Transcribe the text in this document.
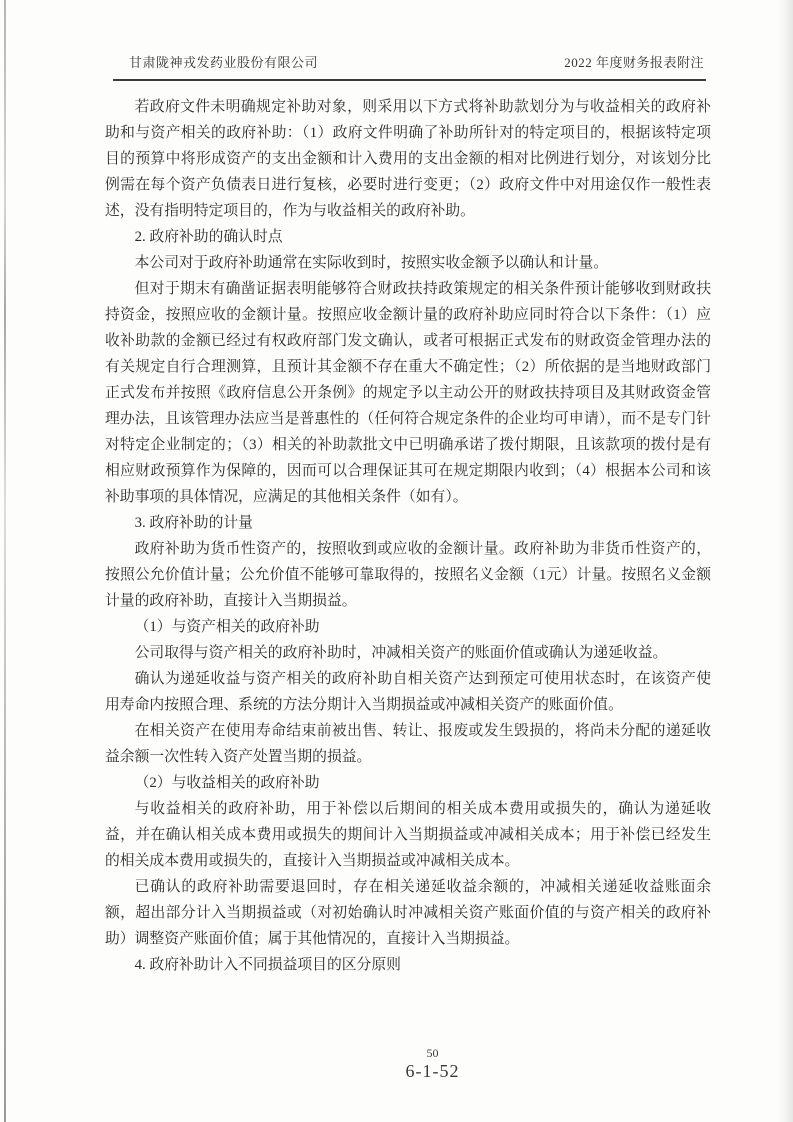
甘肃陇神戎发药业股份有限公司	2022 年度财务报表附注

若政府文件未明确规定补助对象，则采用以下方式将补助款划分为与收益相关的政府补助和与资产相关的政府补助：（1）政府文件明确了补助所针对的特定项目的，根据该特定项目的预算中将形成资产的支出金额和计入费用的支出金额的相对比例进行划分，对该划分比例需在每个资产负债表日进行复核，必要时进行变更；（2）政府文件中对用途仅作一般性表述，没有指明特定项目的，作为与收益相关的政府补助。

2. 政府补助的确认时点

本公司对于政府补助通常在实际收到时，按照实收金额予以确认和计量。

但对于期末有确凿证据表明能够符合财政扶持政策规定的相关条件预计能够收到财政扶持资金，按照应收的金额计量。按照应收金额计量的政府补助应同时符合以下条件：（1）应收补助款的金额已经过有权政府部门发文确认，或者可根据正式发布的财政资金管理办法的有关规定自行合理测算，且预计其金额不存在重大不确定性；（2）所依据的是当地财政部门正式发布并按照《政府信息公开条例》的规定予以主动公开的财政扶持项目及其财政资金管理办法，且该管理办法应当是普惠性的（任何符合规定条件的企业均可申请），而不是专门针对特定企业制定的；（3）相关的补助款批文中已明确承诺了拨付期限，且该款项的拨付是有相应财政预算作为保障的，因而可以合理保证其可在规定期限内收到；（4）根据本公司和该补助事项的具体情况，应满足的其他相关条件（如有）。

3. 政府补助的计量

政府补助为货币性资产的，按照收到或应收的金额计量。政府补助为非货币性资产的，按照公允价值计量；公允价值不能够可靠取得的，按照名义金额（1元）计量。按照名义金额计量的政府补助，直接计入当期损益。

（1）与资产相关的政府补助

公司取得与资产相关的政府补助时，冲减相关资产的账面价值或确认为递延收益。

确认为递延收益与资产相关的政府补助自相关资产达到预定可使用状态时，在该资产使用寿命内按照合理、系统的方法分期计入当期损益或冲减相关资产的账面价值。

在相关资产在使用寿命结束前被出售、转让、报废或发生毁损的，将尚未分配的递延收益余额一次性转入资产处置当期的损益。

（2）与收益相关的政府补助

与收益相关的政府补助，用于补偿以后期间的相关成本费用或损失的，确认为递延收益，并在确认相关成本费用或损失的期间计入当期损益或冲减相关成本；用于补偿已经发生的相关成本费用或损失的，直接计入当期损益或冲减相关成本。

已确认的政府补助需要退回时，存在相关递延收益余额的，冲减相关递延收益账面余额，超出部分计入当期损益或（对初始确认时冲减相关资产账面价值的与资产相关的政府补助）调整资产账面价值；属于其他情况的，直接计入当期损益。

4. 政府补助计入不同损益项目的区分原则

50
6-1-52
